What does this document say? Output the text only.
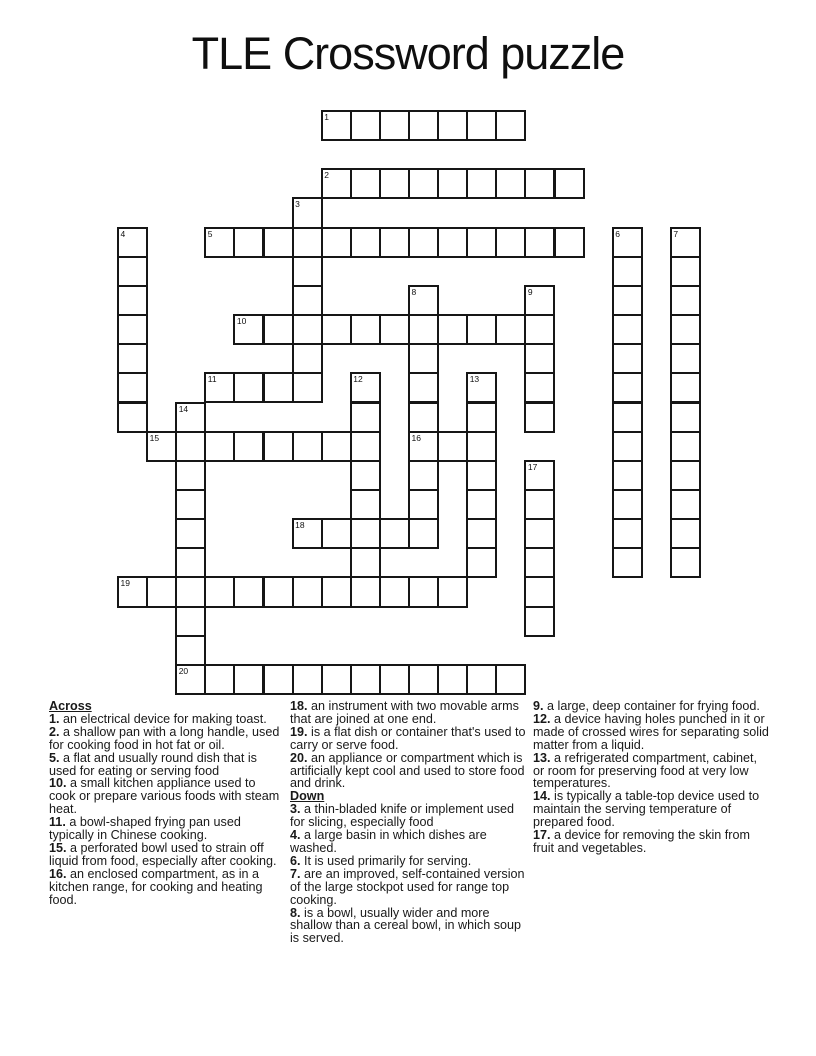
TLE Crossword puzzle
1
2
5
10
11
15	16
18
19
20
3
4	6	7
8	9
12	13
14
17
Across
1. an electrical device for making toast.
2. a shallow pan with a long handle, used for cooking food in hot fat or oil.
5. a flat and usually round dish that is used for eating or serving food
10. a small kitchen appliance used to cook or prepare various foods with steam heat.
11. a bowl-shaped frying pan used typically in Chinese cooking.
15. a perforated bowl used to strain off liquid from food, especially after cooking.
16. an enclosed compartment, as in a kitchen range, for cooking and heating food.
18. an instrument with two movable arms that are joined at one end.
19. is a flat dish or container that's used to carry or serve food.
20. an appliance or compartment which is artificially kept cool and used to store food and drink.
Down
3. a thin-bladed knife or implement used for slicing, especially food
4. a large basin in which dishes are washed.
6. It is used primarily for serving.
7. are an improved, self-contained version of the large stockpot used for range top cooking.
8. is a bowl, usually wider and more shallow than a cereal bowl, in which soup is served.
9. a large, deep container for frying food.
12. a device having holes punched in it or made of crossed wires for separating solid matter from a liquid.
13. a refrigerated compartment, cabinet, or room for preserving food at very low temperatures.
14. is typically a table-top device used to maintain the serving temperature of prepared food.
17. a device for removing the skin from fruit and vegetables.
